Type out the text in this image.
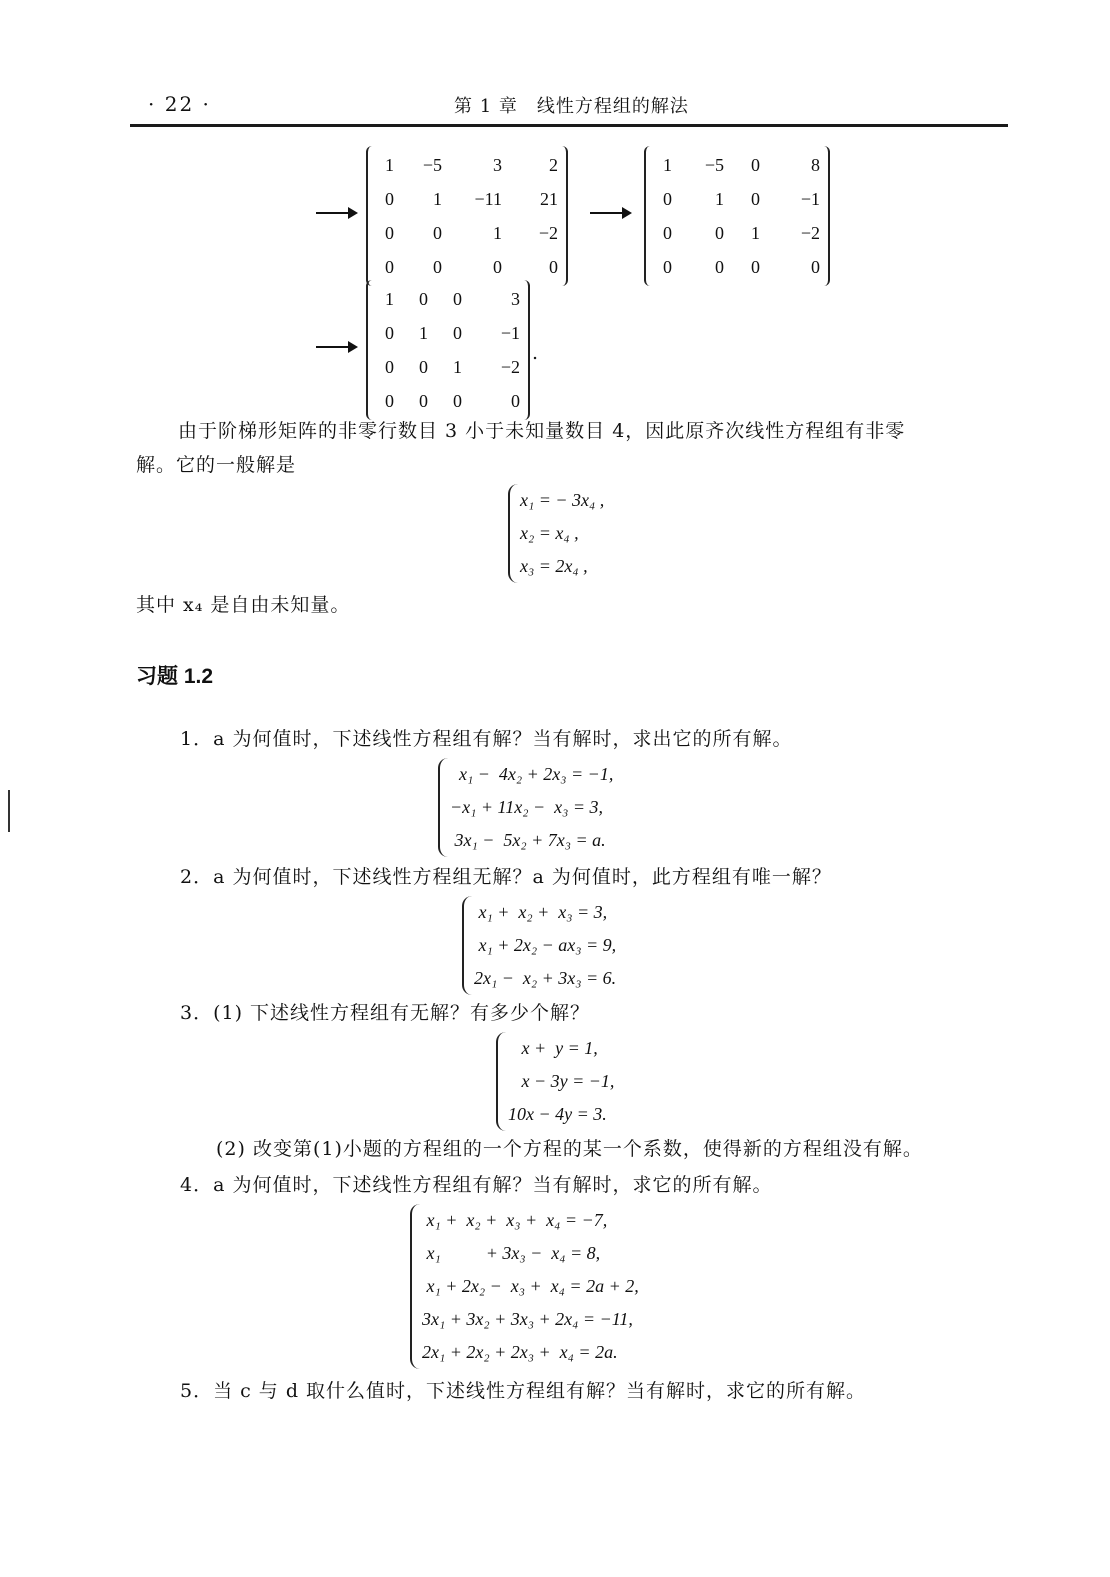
· 22 ·	第 1 章　线性方程组的解法
1	−5	3	2
0	1	−11	21
0	0	1	−2
0	0	0	0
1	−5	0	8
0	1	0	−1
0	0	1	−2
0	0	0	0
1	0	0	3
0	1	0	−1
0	0	1	−2
0	0	0	0
.
由于阶梯形矩阵的非零行数目 3 小于未知量数目 4，因此原齐次线性方程组有非零
解。它的一般解是
x₁ = − 3x₄ ,
x₂ = x₄ ,
x₃ = 2x₄ ,
其中 x₄ 是自由未知量。
习题 1.2
1．a 为何值时，下述线性方程组有解？当有解时，求出它的所有解。
x₁ −  4x₂ + 2x₃ = −1,
−x₁ + 11x₂ −  x₃ = 3,
3x₁ −  5x₂ + 7x₃ = a.
2．a 为何值时，下述线性方程组无解？a 为何值时，此方程组有唯一解？
x₁ +  x₂ +  x₃ = 3,
x₁ + 2x₂ − ax₃ = 9,
2x₁ −  x₂ + 3x₃ = 6.
3．(1) 下述线性方程组有无解？有多少个解？
x +  y = 1,
x − 3y = −1,
10x − 4y = 3.
(2) 改变第(1)小题的方程组的一个方程的某一个系数，使得新的方程组没有解。
4．a 为何值时，下述线性方程组有解？当有解时，求它的所有解。
x₁ +  x₂ +  x₃ +  x₄ = −7,
x₁          + 3x₃ −  x₄ = 8,
x₁ + 2x₂ −  x₃ +  x₄ = 2a + 2,
3x₁ + 3x₂ + 3x₃ + 2x₄ = −11,
2x₁ + 2x₂ + 2x₃ +  x₄ = 2a.
5．当 c 与 d 取什么值时，下述线性方程组有解？当有解时，求它的所有解。
